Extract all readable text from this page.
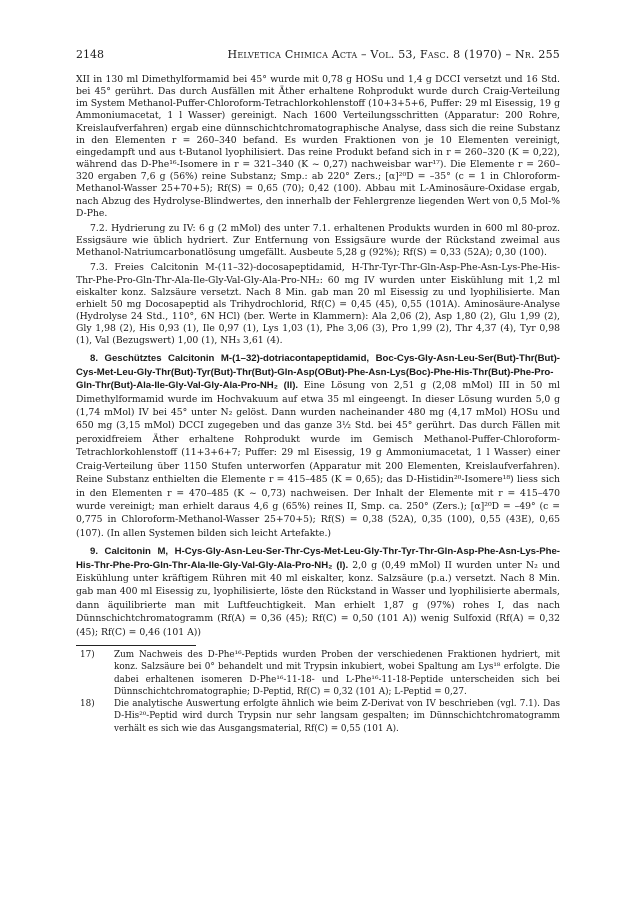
2148	Helvetica Chimica Acta – Vol. 53, Fasc. 8 (1970) – Nr. 255

XII in 130 ml Dimethylformamid bei 45° wurde mit 0,78 g HOSu und 1,4 g DCCI versetzt und 16 Std. bei 45° gerührt. Das durch Ausfällen mit Äther erhaltene Rohprodukt wurde durch Craig-Verteilung im System Methanol-Puffer-Chloroform-Tetrachlorkohlenstoff (10+3+5+6, Puffer: 29 ml Eisessig, 19 g Ammoniumacetat, 1 l Wasser) gereinigt. Nach 1600 Verteilungsschritten (Apparatur: 200 Rohre, Kreislaufverfahren) ergab eine dünnschichtchromatographische Analyse, dass sich die reine Substanz in den Elementen r = 260–340 befand. Es wurden Fraktionen von je 10 Elementen vereinigt, eingedampft und aus t-Butanol lyophilisiert. Das reine Produkt befand sich in r = 260–320 (K = 0,22), während das D-Phe¹⁶-Isomere in r = 321–340 (K ~ 0,27) nachweisbar war¹⁷). Die Elemente r = 260–320 ergaben 7,6 g (56%) reine Substanz; Smp.: ab 220° Zers.; [α]²⁰D = –35° (c = 1 in Chloroform-Methanol-Wasser 25+70+5); Rf(S) = 0,65 (70); 0,42 (100). Abbau mit L-Aminosäure-Oxidase ergab, nach Abzug des Hydrolyse-Blindwertes, den innerhalb der Fehlergrenze liegenden Wert von 0,5 Mol-% D-Phe.

7.2. Hydrierung zu IV: 6 g (2 mMol) des unter 7.1. erhaltenen Produkts wurden in 600 ml 80-proz. Essigsäure wie üblich hydriert. Zur Entfernung von Essigsäure wurde der Rückstand zweimal aus Methanol-Natriumcarbonatlösung umgefällt. Ausbeute 5,28 g (92%); Rf(S) = 0,33 (52A); 0,30 (100).

7.3. Freies Calcitonin M-(11–32)-docosapeptidamid, H-Thr-Tyr-Thr-Gln-Asp-Phe-Asn-Lys-Phe-His-Thr-Phe-Pro-Gln-Thr-Ala-Ile-Gly-Val-Gly-Ala-Pro-NH₂: 60 mg IV wurden unter Eiskühlung mit 1,2 ml eiskalter konz. Salzsäure versetzt. Nach 8 Min. gab man 20 ml Eisessig zu und lyophilisierte. Man erhielt 50 mg Docosapeptid als Trihydrochlorid, Rf(C) = 0,45 (45), 0,55 (101A). Aminosäure-Analyse (Hydrolyse 24 Std., 110°, 6N HCl) (ber. Werte in Klammern): Ala 2,06 (2), Asp 1,80 (2), Glu 1,99 (2), Gly 1,98 (2), His 0,93 (1), Ile 0,97 (1), Lys 1,03 (1), Phe 3,06 (3), Pro 1,99 (2), Thr 4,37 (4), Tyr 0,98 (1), Val (Bezugswert) 1,00 (1), NH₃ 3,61 (4).

8. Geschütztes Calcitonin M-(1–32)-dotriacontapeptidamid, Boc-Cys-Gly-Asn-Leu-Ser(But)-Thr(But)-Cys-Met-Leu-Gly-Thr(But)-Tyr(But)-Thr(But)-Gln-Asp(OBut)-Phe-Asn-Lys(Boc)-Phe-His-Thr(But)-Phe-Pro-Gln-Thr(But)-Ala-Ile-Gly-Val-Gly-Ala-Pro-NH₂ (II). Eine Lösung von 2,51 g (2,08 mMol) III in 50 ml Dimethylformamid wurde im Hochvakuum auf etwa 35 ml eingeengt. In dieser Lösung wurden 5,0 g (1,74 mMol) IV bei 45° unter N₂ gelöst. Dann wurden nacheinander 480 mg (4,17 mMol) HOSu und 650 mg (3,15 mMol) DCCI zugegeben und das ganze 3½ Std. bei 45° gerührt. Das durch Fällen mit peroxidfreiem Äther erhaltene Rohprodukt wurde im Gemisch Methanol-Puffer-Chloroform-Tetrachlorkohlenstoff (11+3+6+7; Puffer: 29 ml Eisessig, 19 g Ammoniumacetat, 1 l Wasser) einer Craig-Verteilung über 1150 Stufen unterworfen (Apparatur mit 200 Elementen, Kreislaufverfahren). Reine Substanz enthielten die Elemente r = 415–485 (K = 0,65); das D-Histidin²⁰-Isomere¹⁸) liess sich in den Elementen r = 470–485 (K ~ 0,73) nachweisen. Der Inhalt der Elemente mit r = 415–470 wurde vereinigt; man erhielt daraus 4,6 g (65%) reines II, Smp. ca. 250° (Zers.); [α]²⁰D = –49° (c = 0,775 in Chloroform-Methanol-Wasser 25+70+5); Rf(S) = 0,38 (52A), 0,35 (100), 0,55 (43E), 0,65 (107). (In allen Systemen bilden sich leicht Artefakte.)

9. Calcitonin M, H-Cys-Gly-Asn-Leu-Ser-Thr-Cys-Met-Leu-Gly-Thr-Tyr-Thr-Gln-Asp-Phe-Asn-Lys-Phe-His-Thr-Phe-Pro-Gln-Thr-Ala-Ile-Gly-Val-Gly-Ala-Pro-NH₂ (I). 2,0 g (0,49 mMol) II wurden unter N₂ und Eiskühlung unter kräftigem Rühren mit 40 ml eiskalter, konz. Salzsäure (p.a.) versetzt. Nach 8 Min. gab man 400 ml Eisessig zu, lyophilisierte, löste den Rückstand in Wasser und lyophilisierte abermals, dann äquilibrierte man mit Luftfeuchtigkeit. Man erhielt 1,87 g (97%) rohes I, das nach Dünnschichtchromatogramm (Rf(A) = 0,36 (45); Rf(C) = 0,50 (101 A)) wenig Sulfoxid (Rf(A) = 0,32 (45); Rf(C) = 0,46 (101 A))

17)	Zum Nachweis des D-Phe¹⁶-Peptids wurden Proben der verschiedenen Fraktionen hydriert, mit konz. Salzsäure bei 0° behandelt und mit Trypsin inkubiert, wobei Spaltung am Lys¹⁸ erfolgte. Die dabei erhaltenen isomeren D-Phe¹⁶-11-18- und L-Phe¹⁶-11-18-Peptide unterscheiden sich bei Dünnschichtchromatographie; D-Peptid, Rf(C) = 0,32 (101 A); L-Peptid = 0,27.
18)	Die analytische Auswertung erfolgte ähnlich wie beim Z-Derivat von IV beschrieben (vgl. 7.1). Das D-His²⁰-Peptid wird durch Trypsin nur sehr langsam gespalten; im Dünnschichtchromatogramm verhält es sich wie das Ausgangsmaterial, Rf(C) = 0,55 (101 A).
